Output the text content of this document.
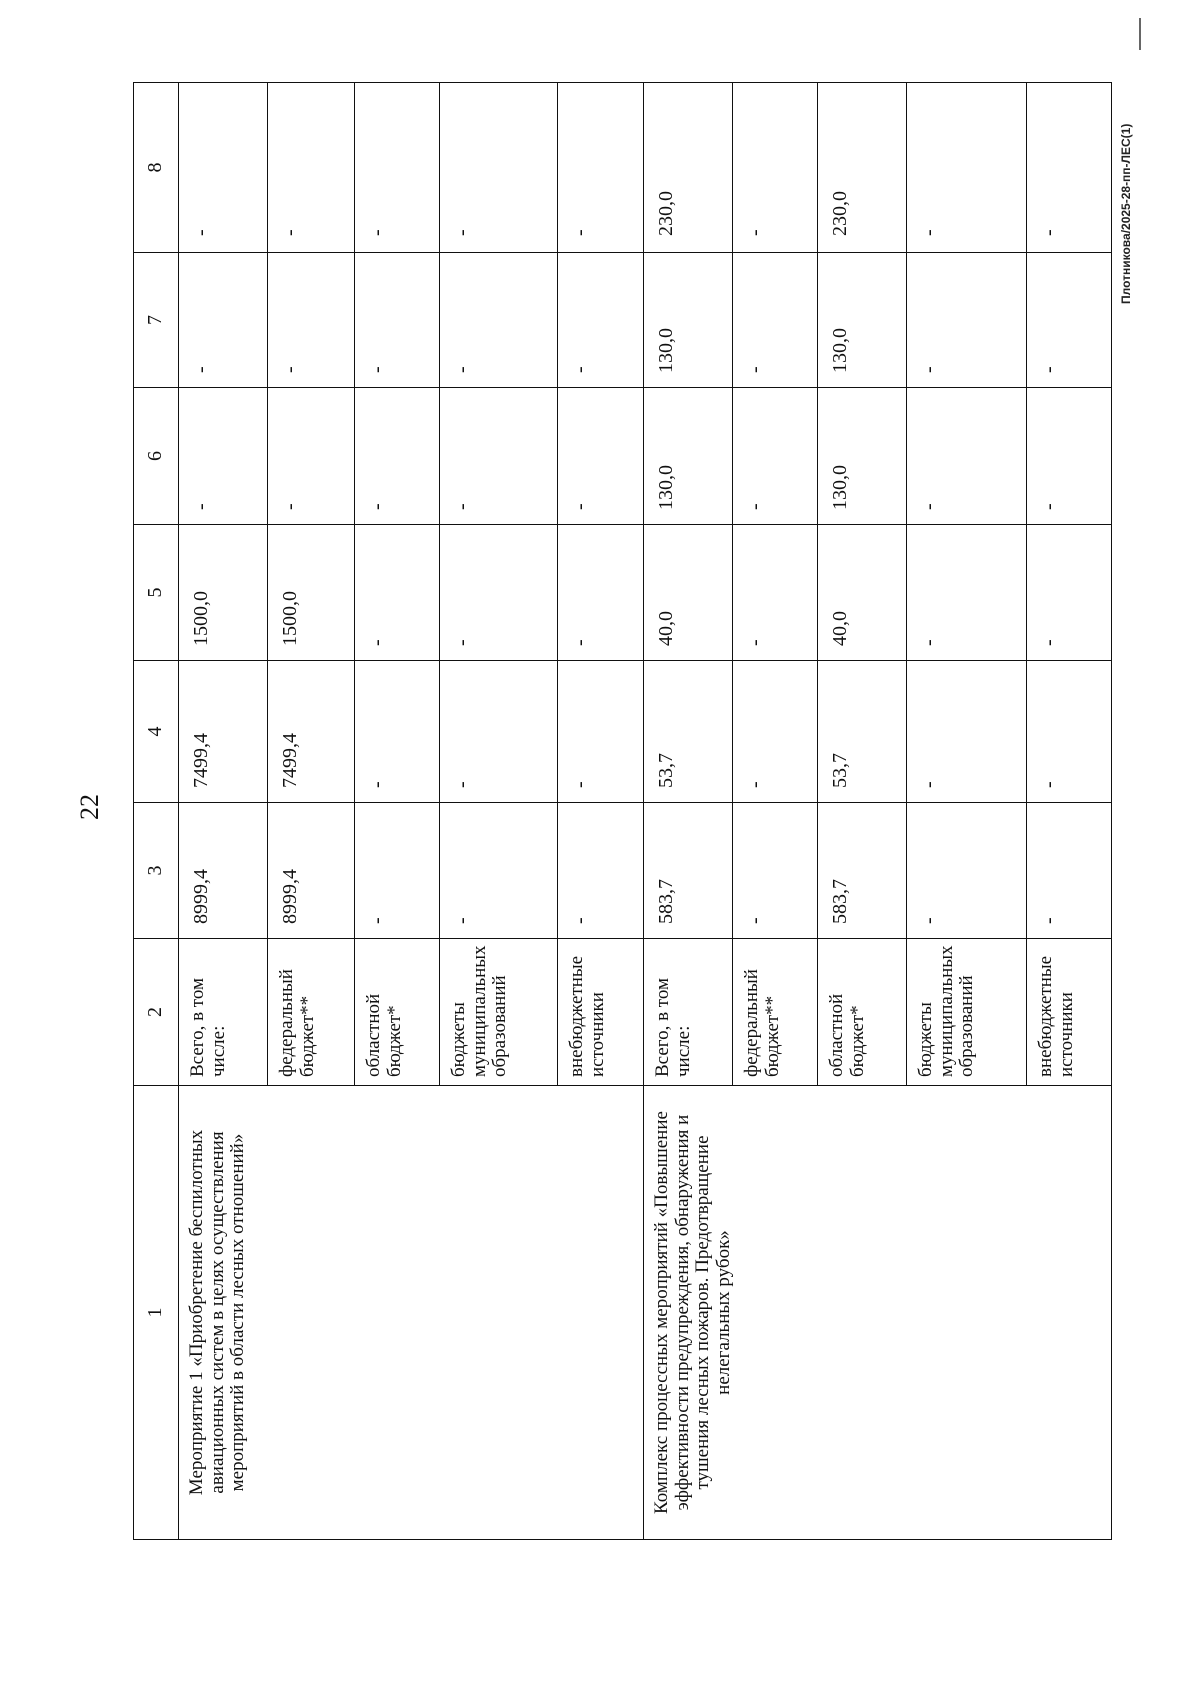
22
Плотникова/2025-28-пп-ЛЕС(1)
1	2	3	4	5	6	7	8
Мероприятие 1 «Приобретение беспилотных авиационных систем в целях осуществления мероприятий в области лесных отношений»	Всего, в том числе:	8999,4	7499,4	1500,0	-	-	-
	федеральный бюджет**	8999,4	7499,4	1500,0	-	-	-
	областной бюджет*	-	-	-	-	-	-
	бюджеты муниципальных образований	-	-	-	-	-	-
	внебюджетные источники	-	-	-	-	-	-
Комплекс процессных мероприятий «Повышение эффективности предупреждения, обнаружения и тушения лесных пожаров. Предотвращение нелегальных рубок»	Всего, в том числе:	583,7	53,7	40,0	130,0	130,0	230,0
	федеральный бюджет**	-	-	-	-	-	-
	областной бюджет*	583,7	53,7	40,0	130,0	130,0	230,0
	бюджеты муниципальных образований	-	-	-	-	-	-
	внебюджетные источники	-	-	-	-	-	-
